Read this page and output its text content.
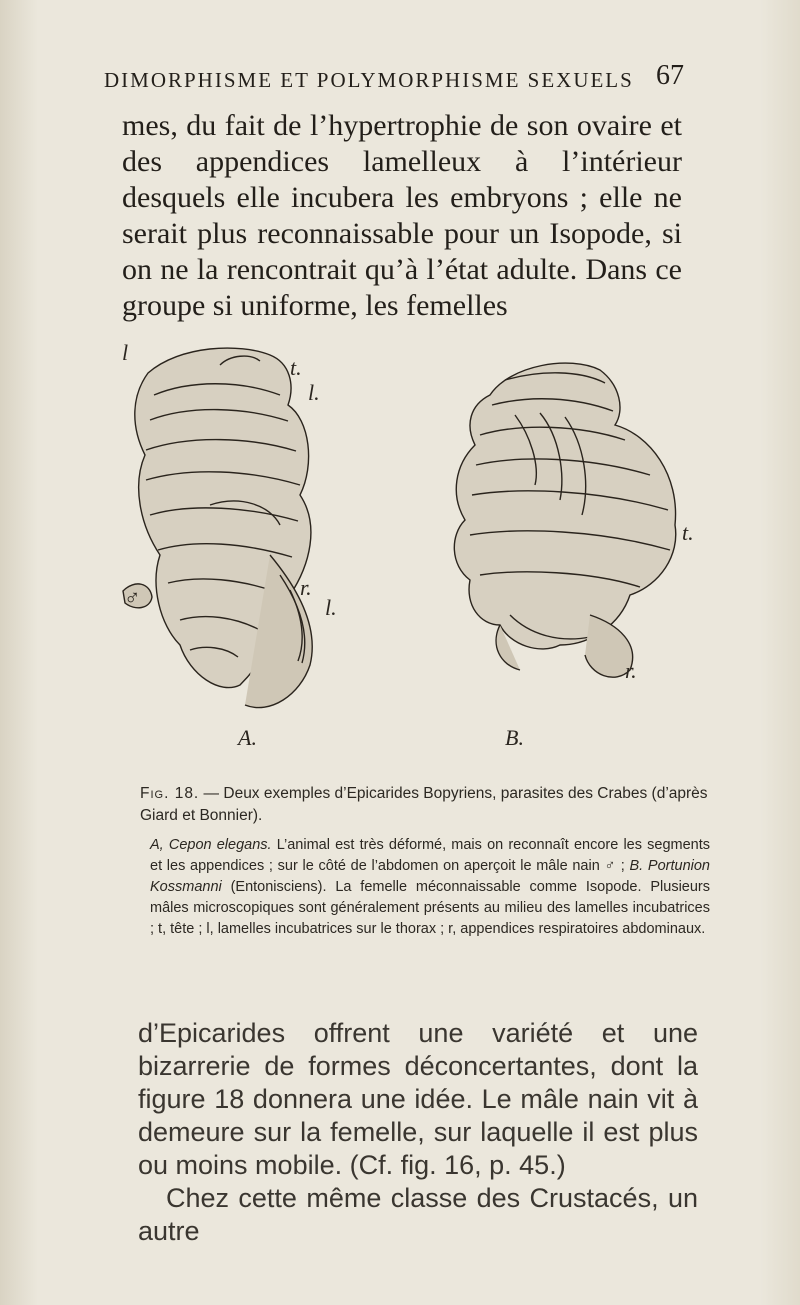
DIMORPHISME ET POLYMORPHISME SEXUELS 67

mes, du fait de l’hypertrophie de son ovaire et des appendices lamelleux à l’intérieur desquels elle incubera les embryons ; elle ne serait plus reconnaissable pour un Isopode, si on ne la rencontrait qu’à l’état adulte. Dans ce groupe si uniforme, les femelles

l
t.
♂	r.
A.
l.
t.
l.
r.
B.

Fig. 18. — Deux exemples d’Epicarides Bopyriens, parasites des Crabes (d’après Giard et Bonnier).

A, Cepon elegans. L’animal est très déformé, mais on reconnaît encore les segments et les appendices ; sur le côté de l’abdomen on aperçoit le mâle nain ♂ ; B. Portunion Kossmanni (Entonisciens). La femelle méconnaissable comme Isopode. Plusieurs mâles microscopiques sont généralement présents au milieu des lamelles incubatrices ; t, tête ; l, lamelles incubatrices sur le thorax ; r, appendices respiratoires abdominaux.

d’Epicarides offrent une variété et une bizarrerie de formes déconcertantes, dont la figure 18 donnera une idée. Le mâle nain vit à demeure sur la femelle, sur laquelle il est plus ou moins mobile. (Cf. fig. 16, p. 45.)

Chez cette même classe des Crustacés, un autre
